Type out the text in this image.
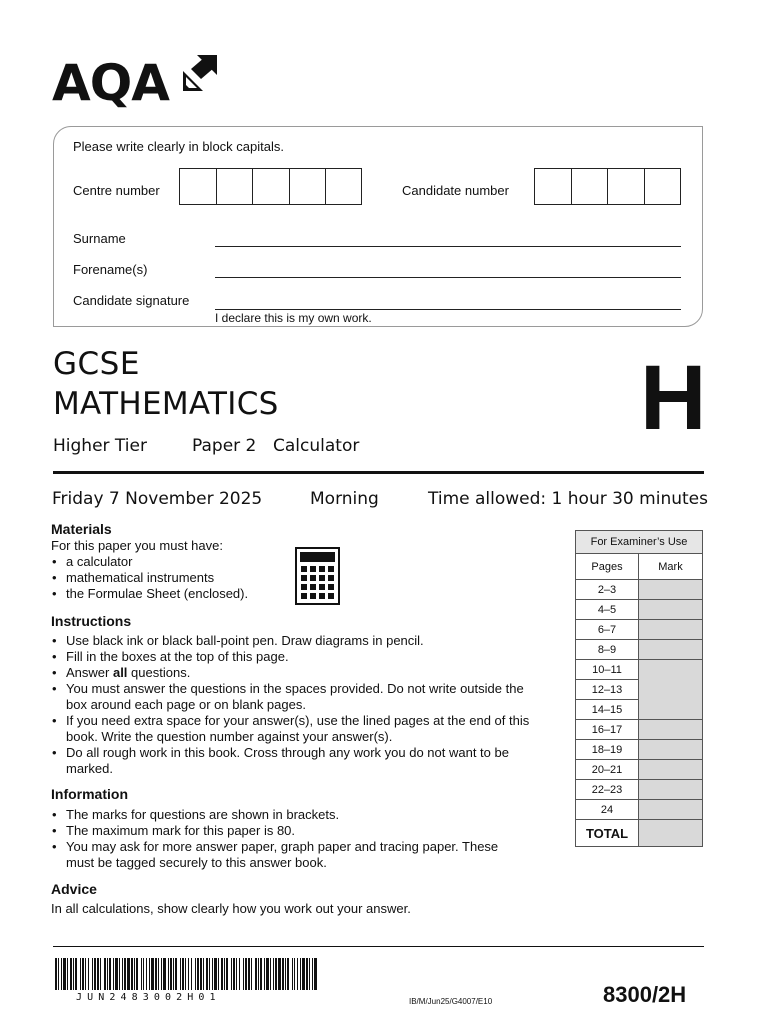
AQA
Please write clearly in block capitals.
Centre number	Candidate number
Surname
Forename(s)
Candidate signature
I declare this is my own work.
GCSE
MATHEMATICS
Higher Tier	Paper 2 Calculator	H
Friday 7 November 2025	Morning	Time allowed: 1 hour 30 minutes
Materials
For this paper you must have:
• a calculator
• mathematical instruments
• the Formulae Sheet (enclosed).
Instructions
• Use black ink or black ball-point pen. Draw diagrams in pencil.
• Fill in the boxes at the top of this page.
• Answer all questions.
• You must answer the questions in the spaces provided. Do not write outside the box around each page or on blank pages.
• If you need extra space for your answer(s), use the lined pages at the end of this book. Write the question number against your answer(s).
• Do all rough work in this book. Cross through any work you do not want to be marked.
Information
• The marks for questions are shown in brackets.
• The maximum mark for this paper is 80.
• You may ask for more answer paper, graph paper and tracing paper. These must be tagged securely to this answer book.
Advice
In all calculations, show clearly how you work out your answer.
For Examiner’s Use	
Pages	Mark
2–3	
4–5	
6–7	
8–9	
10–11	
12–13	
14–15	
16–17	
18–19	
20–21	
22–23	
24	
TOTAL	
JUN2483002H01	IB/M/Jun25/G4007/E10	8300/2H
